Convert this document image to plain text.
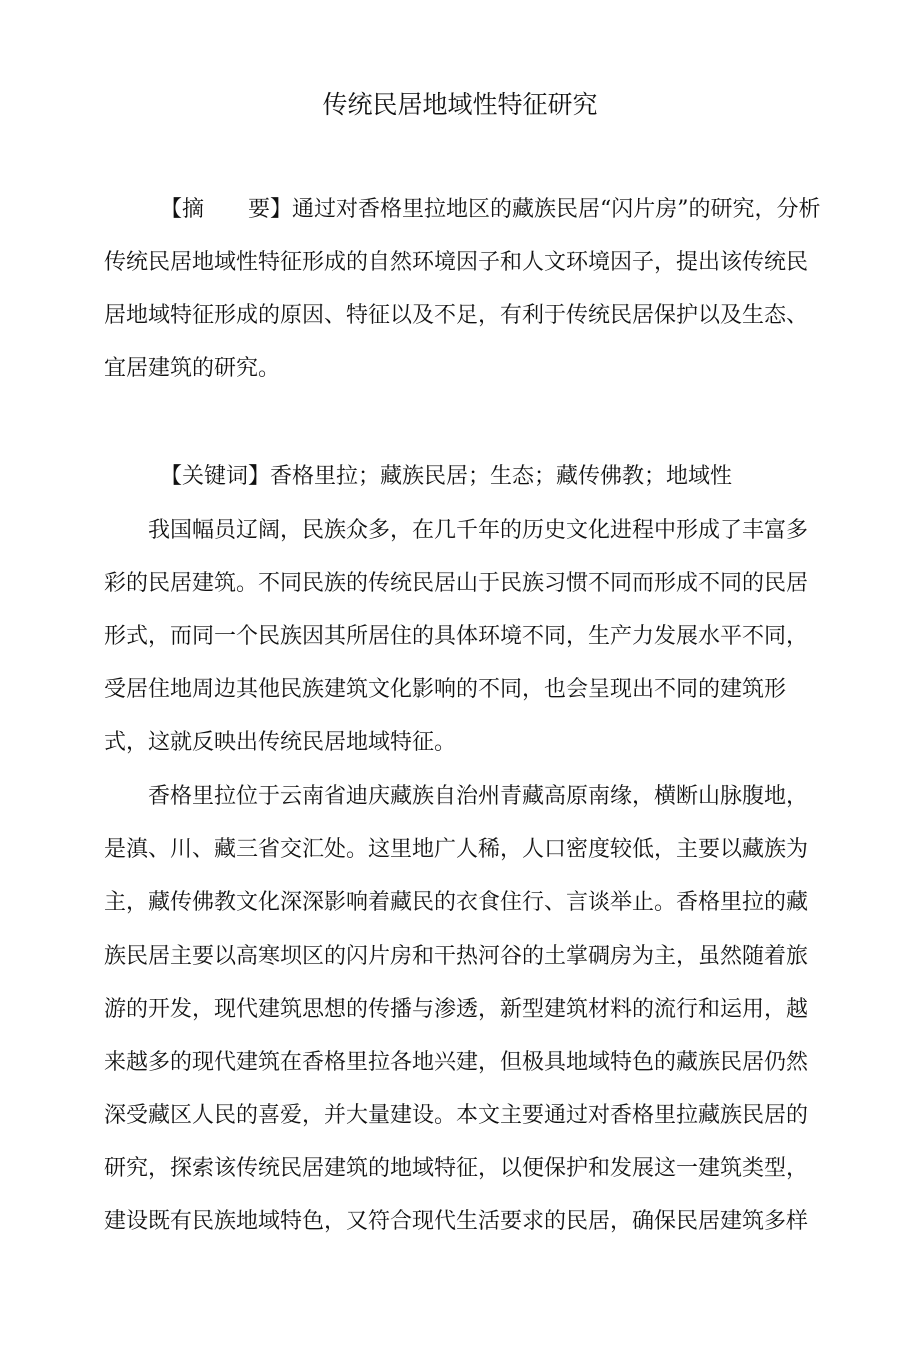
传统民居地域性特征研究
【摘　　要】通过对香格里拉地区的藏族民居“闪片房”的研究，分析
传统民居地域性特征形成的自然环境因子和人文环境因子，提出该传统民
居地域特征形成的原因、特征以及不足，有利于传统民居保护以及生态、
宜居建筑的研究。
【关键词】香格里拉；藏族民居；生态；藏传佛教；地域性
我国幅员辽阔，民族众多，在几千年的历史文化进程中形成了丰富多
彩的民居建筑。不同民族的传统民居山于民族习惯不同而形成不同的民居
形式，而同一个民族因其所居住的具体环境不同，生产力发展水平不同，
受居住地周边其他民族建筑文化影响的不同，也会呈现出不同的建筑形
式，这就反映出传统民居地域特征。
香格里拉位于云南省迪庆藏族自治州青藏高原南缘，横断山脉腹地，
是滇、川、藏三省交汇处。这里地广人稀，人口密度较低，主要以藏族为
主，藏传佛教文化深深影响着藏民的衣食住行、言谈举止。香格里拉的藏
族民居主要以高寒坝区的闪片房和干热河谷的土掌碉房为主，虽然随着旅
游的开发，现代建筑思想的传播与渗透，新型建筑材料的流行和运用，越
来越多的现代建筑在香格里拉各地兴建，但极具地域特色的藏族民居仍然
深受藏区人民的喜爱，并大量建设。本文主要通过对香格里拉藏族民居的
研究，探索该传统民居建筑的地域特征，以便保护和发展这一建筑类型，
建设既有民族地域特色，又符合现代生活要求的民居，确保民居建筑多样
